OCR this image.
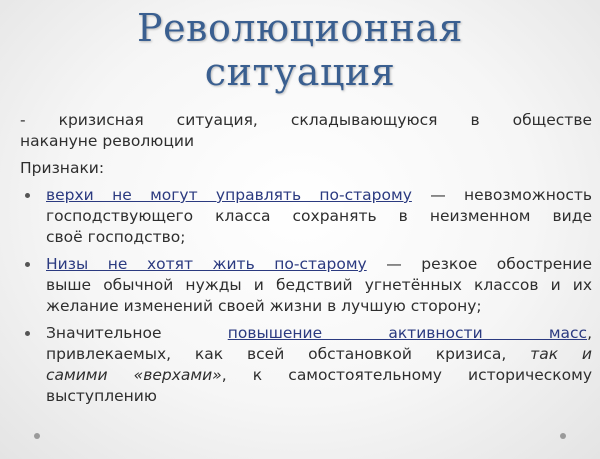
Революционная
ситуация
- кризисная ситуация, складывающуюся в обществе
накануне революции
Признаки:
верхи не могут управлять по-старому — невозможность
господствующего класса сохранять в неизменном виде
своё господство;
Низы не хотят жить по-старому — резкое обострение
выше обычной нужды и бедствий угнетённых классов и их
желание изменений своей жизни в лучшую сторону;
Значительное	повышение активности масс,
привлекаемых, как всей обстановкой кризиса, так и
самими «верхами», к самостоятельному историческому
выступлению
